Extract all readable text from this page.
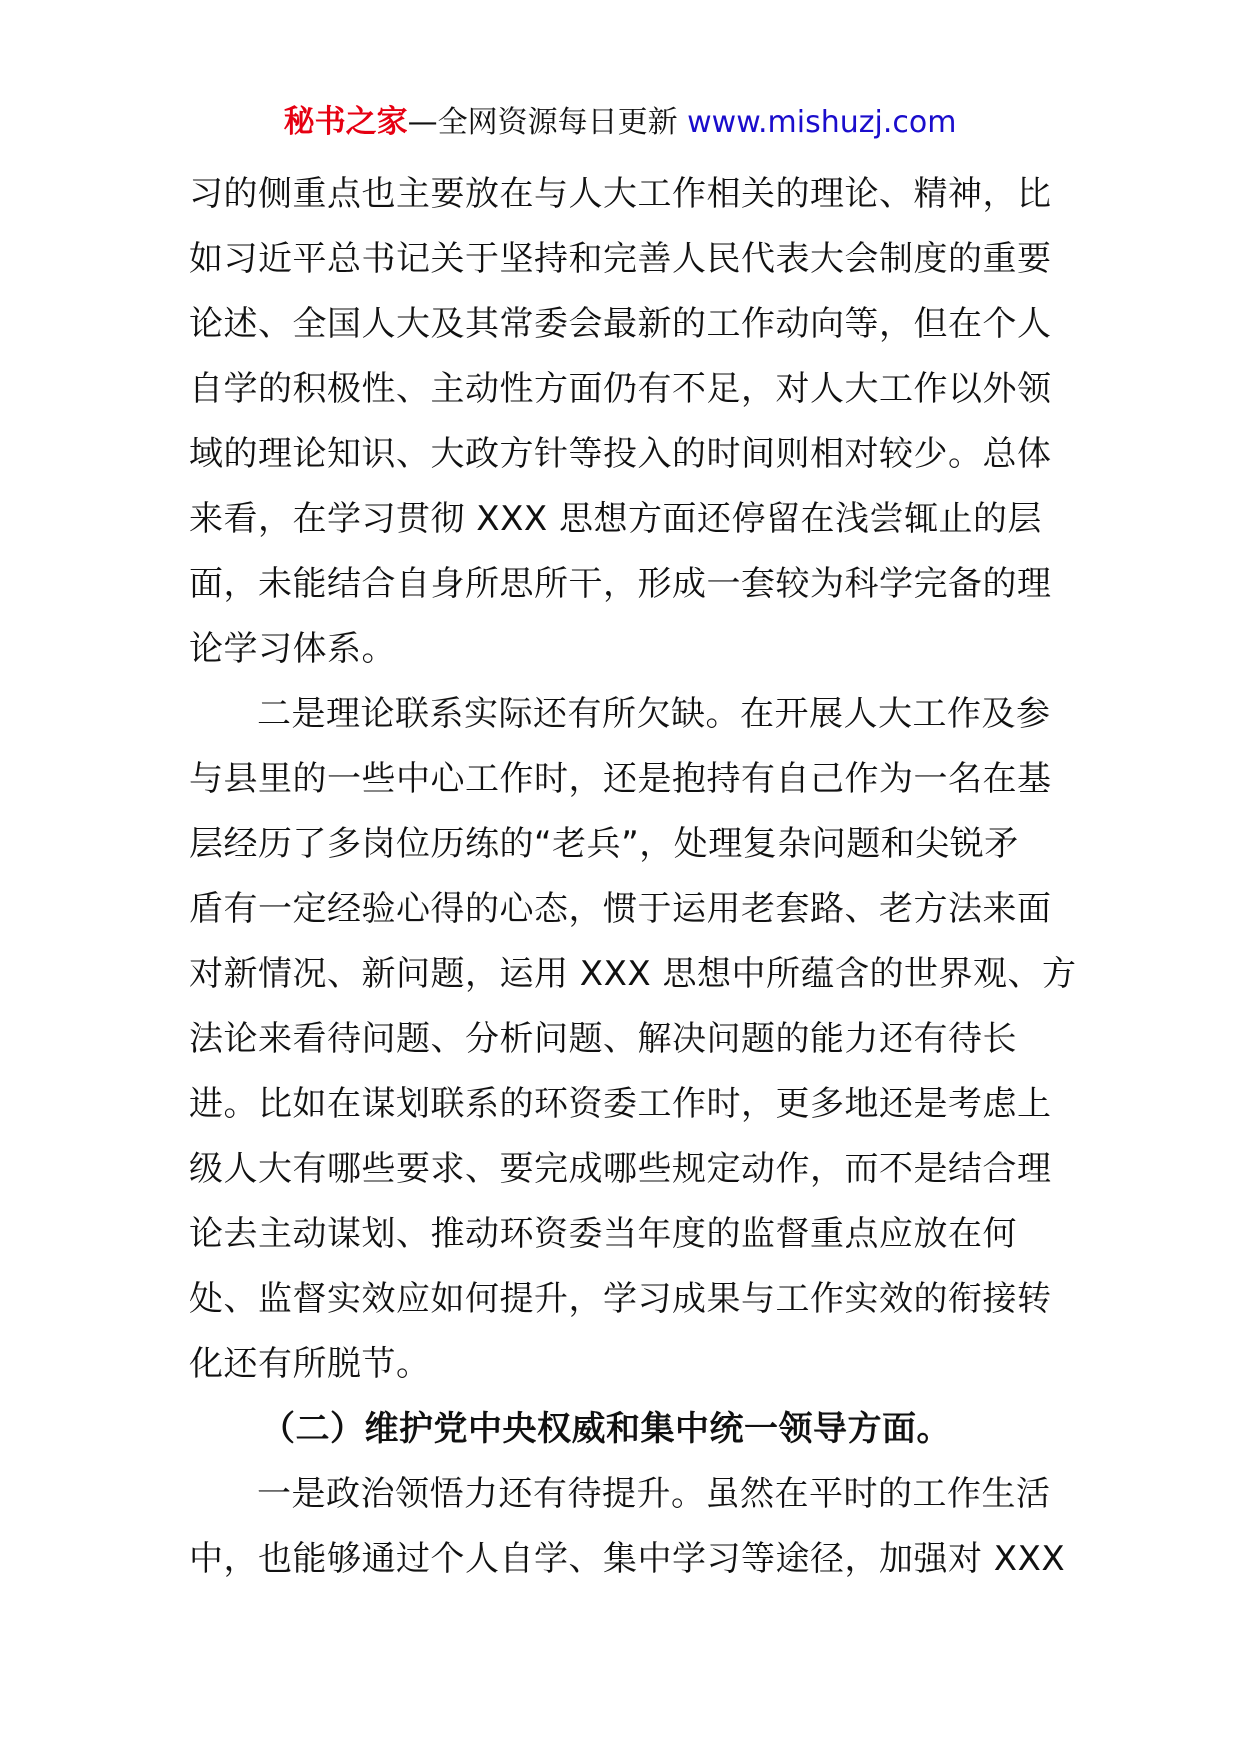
秘书之家—全网资源每日更新 www.mishuzj.com
习的侧重点也主要放在与人大工作相关的理论、精神，比
如习近平总书记关于坚持和完善人民代表大会制度的重要
论述、全国人大及其常委会最新的工作动向等，但在个人
自学的积极性、主动性方面仍有不足，对人大工作以外领
域的理论知识、大政方针等投入的时间则相对较少。总体
来看，在学习贯彻 XXX 思想方面还停留在浅尝辄止的层
面，未能结合自身所思所干，形成一套较为科学完备的理
论学习体系。
二是理论联系实际还有所欠缺。在开展人大工作及参
与县里的一些中心工作时，还是抱持有自己作为一名在基
层经历了多岗位历练的“老兵”，处理复杂问题和尖锐矛
盾有一定经验心得的心态，惯于运用老套路、老方法来面
对新情况、新问题，运用 XXX 思想中所蕴含的世界观、方
法论来看待问题、分析问题、解决问题的能力还有待长
进。比如在谋划联系的环资委工作时，更多地还是考虑上
级人大有哪些要求、要完成哪些规定动作，而不是结合理
论去主动谋划、推动环资委当年度的监督重点应放在何
处、监督实效应如何提升，学习成果与工作实效的衔接转
化还有所脱节。
（二）维护党中央权威和集中统一领导方面。
一是政治领悟力还有待提升。虽然在平时的工作生活
中，也能够通过个人自学、集中学习等途径，加强对 XXX
